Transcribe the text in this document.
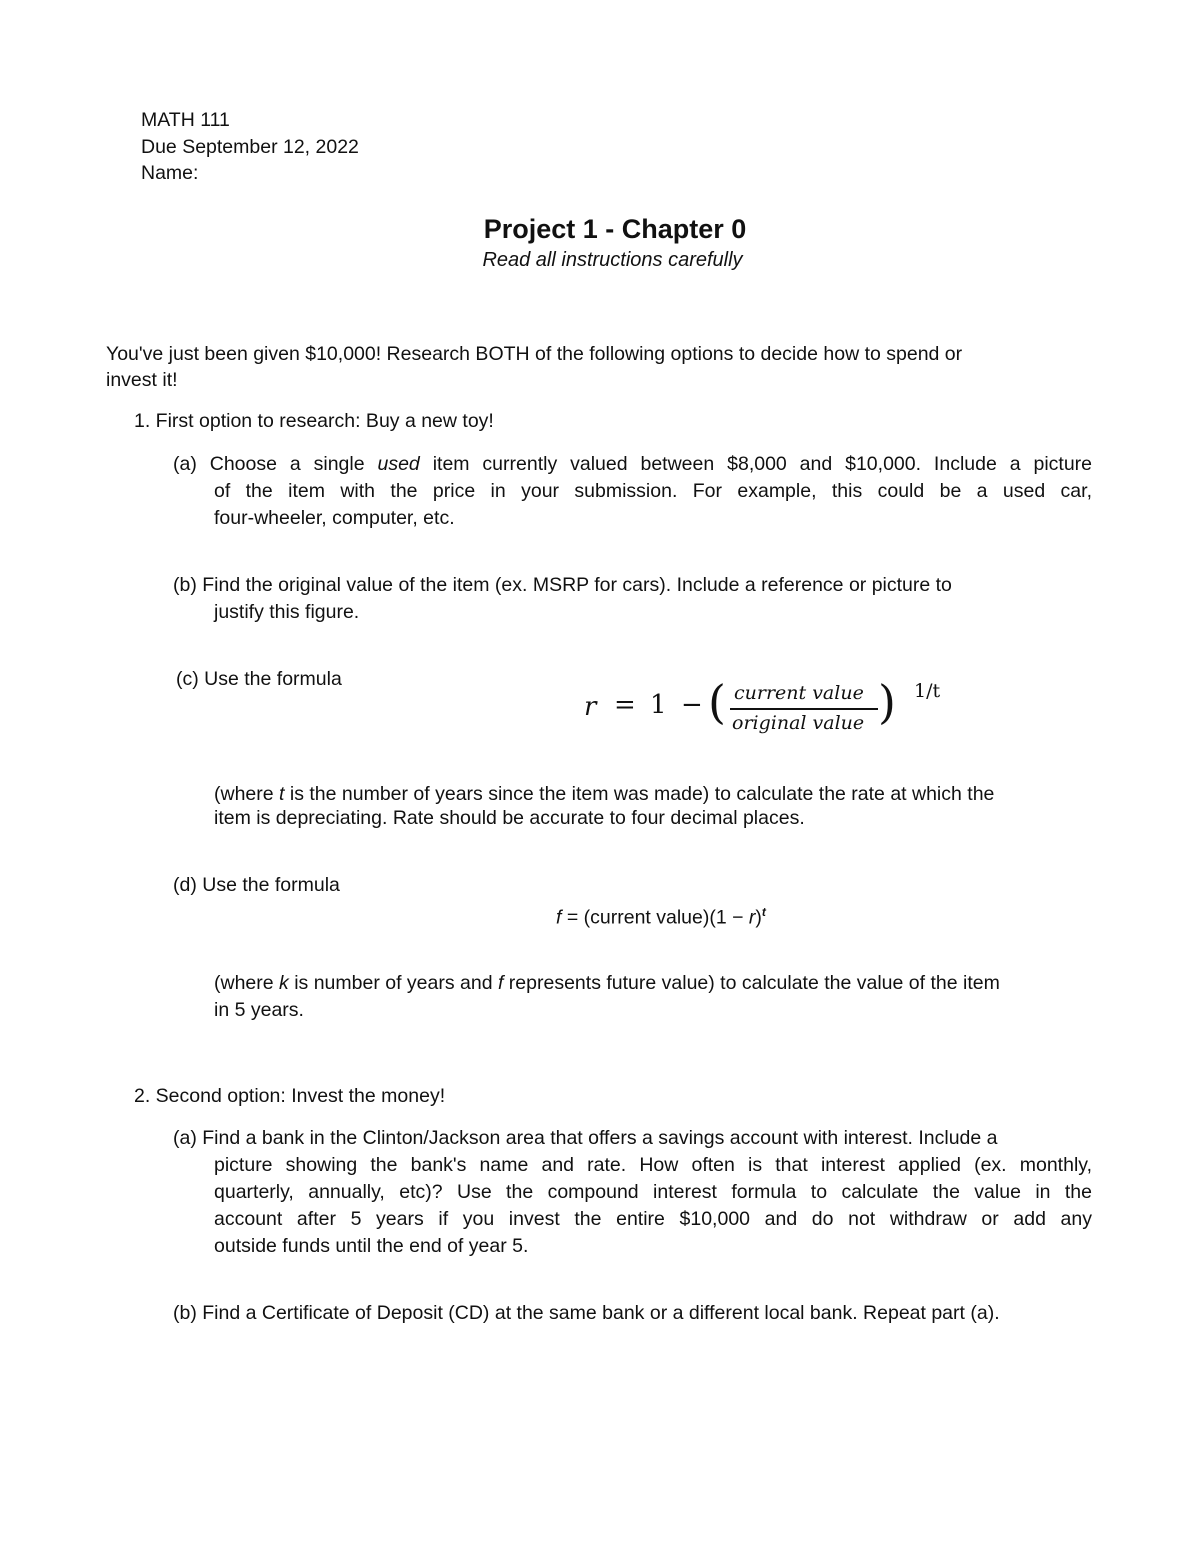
MATH 111
Due September 12, 2022
Name:
Project 1 - Chapter 0
Read all instructions carefully
You've just been given $10,000! Research BOTH of the following options to decide how to spend or
invest it!
1. First option to research: Buy a new toy!
(a) Choose a single used item currently valued between $8,000 and $10,000. Include a picture
of the item with the price in your submission. For example, this could be a used car,
four-wheeler, computer, etc.
(b) Find the original value of the item (ex. MSRP for cars). Include a reference or picture to
justify this figure.
(c) Use the formula
r = 1 − ( current value
original value ) 1/t
(where t is the number of years since the item was made) to calculate the rate at which the
item is depreciating. Rate should be accurate to four decimal places.
(d) Use the formula
f = (current value)(1 − r)$^t$
(where k is number of years and f represents future value) to calculate the value of the item
in 5 years.
2. Second option: Invest the money!
(a) Find a bank in the Clinton/Jackson area that offers a savings account with interest. Include a
picture showing the bank's name and rate. How often is that interest applied (ex. monthly,
quarterly, annually, etc)? Use the compound interest formula to calculate the value in the
account after 5 years if you invest the entire $10,000 and do not withdraw or add any
outside funds until the end of year 5.
(b) Find a Certificate of Deposit (CD) at the same bank or a different local bank. Repeat part (a).
